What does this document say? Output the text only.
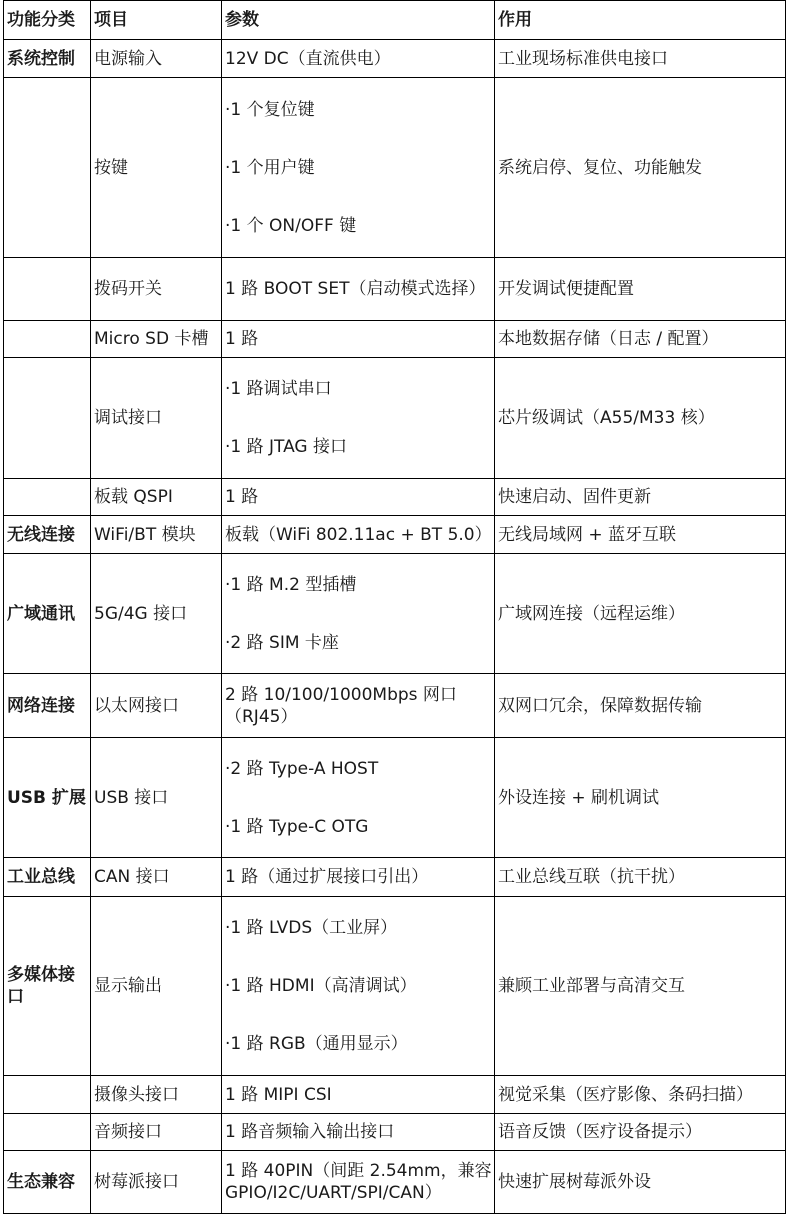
功能分类	项目	参数	作用
系统控制	电源输入	12V DC（直流供电）	工业现场标准供电接口
	按键	·1 个复位键
·1 个用户键
·1 个 ON/OFF 键	系统启停、复位、功能触发
	拨码开关	1 路 BOOT SET（启动模式选择）	开发调试便捷配置
	Micro SD 卡槽	1 路	本地数据存储（日志 / 配置）
	调试接口	·1 路调试串口
·1 路 JTAG 接口	芯片级调试（A55/M33 核）
	板载 QSPI	1 路	快速启动、固件更新
无线连接	WiFi/BT 模块	板载（WiFi 802.11ac + BT 5.0）	无线局域网 + 蓝牙互联
广域通讯	5G/4G 接口	·1 路 M.2 型插槽
·2 路 SIM 卡座	广域网连接（远程运维）
网络连接	以太网接口	2 路 10/100/1000Mbps 网口（RJ45）	双网口冗余，保障数据传输
USB 扩展	USB 接口	·2 路 Type-A HOST
·1 路 Type-C OTG	外设连接 + 刷机调试
工业总线	CAN 接口	1 路（通过扩展接口引出）	工业总线互联（抗干扰）
多媒体接口	显示输出	·1 路 LVDS（工业屏）
·1 路 HDMI（高清调试）
·1 路 RGB（通用显示）	兼顾工业部署与高清交互
	摄像头接口	1 路 MIPI CSI	视觉采集（医疗影像、条码扫描）
	音频接口	1 路音频输入输出接口	语音反馈（医疗设备提示）
生态兼容	树莓派接口	1 路 40PIN（间距 2.54mm，兼容 GPIO/I2C/UART/SPI/CAN）	快速扩展树莓派外设
